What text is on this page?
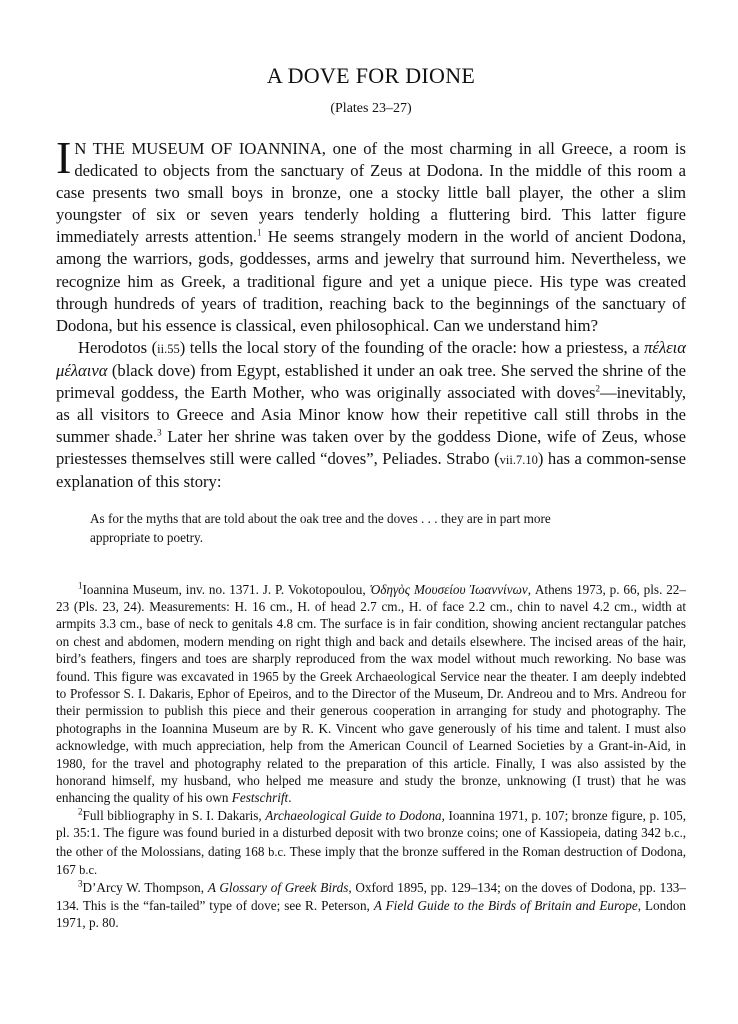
A DOVE FOR DIONE
(Plates 23–27)

I N THE MUSEUM OF IOANNINA, one of the most charming in all Greece, a room is dedicated to objects from the sanctuary of Zeus at Dodona. In the middle of this room a case presents two small boys in bronze, one a stocky little ball player, the other a slim youngster of six or seven years tenderly holding a fluttering bird. This latter figure immediately arrests attention.$^1$ He seems strangely modern in the world of ancient Dodona, among the warriors, gods, goddesses, arms and jewelry that surround him. Nevertheless, we recognize him as Greek, a traditional figure and yet a unique piece. His type was created through hundreds of years of tradition, reaching back to the beginnings of the sanctuary of Dodona, but his essence is classical, even philosophical. Can we understand him?

Herodotos (ii.55) tells the local story of the founding of the oracle: how a priestess, a πέλεια μέλαινα (black dove) from Egypt, established it under an oak tree. She served the shrine of the primeval goddess, the Earth Mother, who was originally associated with doves$^2$—inevitably, as all visitors to Greece and Asia Minor know how their repetitive call still throbs in the summer shade.$^3$ Later her shrine was taken over by the goddess Dione, wife of Zeus, whose priestesses themselves still were called “doves”, Peliades. Strabo (vii.7.10) has a common-sense explanation of this story:

As for the myths that are told about the oak tree and the doves . . . they are in part more appropriate to poetry.

$^1$Ioannina Museum, inv. no. 1371. J. P. Vokotopoulou, Ὁδηγὸς Μουσείου Ἰωαννίνων, Athens 1973, p. 66, pls. 22–23 (Pls. 23, 24). Measurements: H. 16 cm., H. of head 2.7 cm., H. of face 2.2 cm., chin to navel 4.2 cm., width at armpits 3.3 cm., base of neck to genitals 4.8 cm. The surface is in fair condition, showing ancient rectangular patches on chest and abdomen, modern mending on right thigh and back and details elsewhere. The incised areas of the hair, bird’s feathers, fingers and toes are sharply reproduced from the wax model without much reworking. No base was found. This figure was excavated in 1965 by the Greek Archaeological Service near the theater. I am deeply indebted to Professor S. I. Dakaris, Ephor of Epeiros, and to the Director of the Museum, Dr. Andreou and to Mrs. Andreou for their permission to publish this piece and their generous cooperation in arranging for study and photography. The photographs in the Ioannina Museum are by R. K. Vincent who gave generously of his time and talent. I must also acknowledge, with much appreciation, help from the American Council of Learned Societies by a Grant-in-Aid, in 1980, for the travel and photography related to the preparation of this article. Finally, I was also assisted by the honorand himself, my husband, who helped me measure and study the bronze, unknowing (I trust) that he was enhancing the quality of his own Festschrift.

$^2$Full bibliography in S. I. Dakaris, Archaeological Guide to Dodona, Ioannina 1971, p. 107; bronze figure, p. 105, pl. 35:1. The figure was found buried in a disturbed deposit with two bronze coins; one of Kassiopeia, dating 342 b.c., the other of the Molossians, dating 168 b.c. These imply that the bronze suffered in the Roman destruction of Dodona, 167 b.c.

$^3$D’Arcy W. Thompson, A Glossary of Greek Birds, Oxford 1895, pp. 129–134; on the doves of Dodona, pp. 133–134. This is the “fan-tailed” type of dove; see R. Peterson, A Field Guide to the Birds of Britain and Europe, London 1971, p. 80.
